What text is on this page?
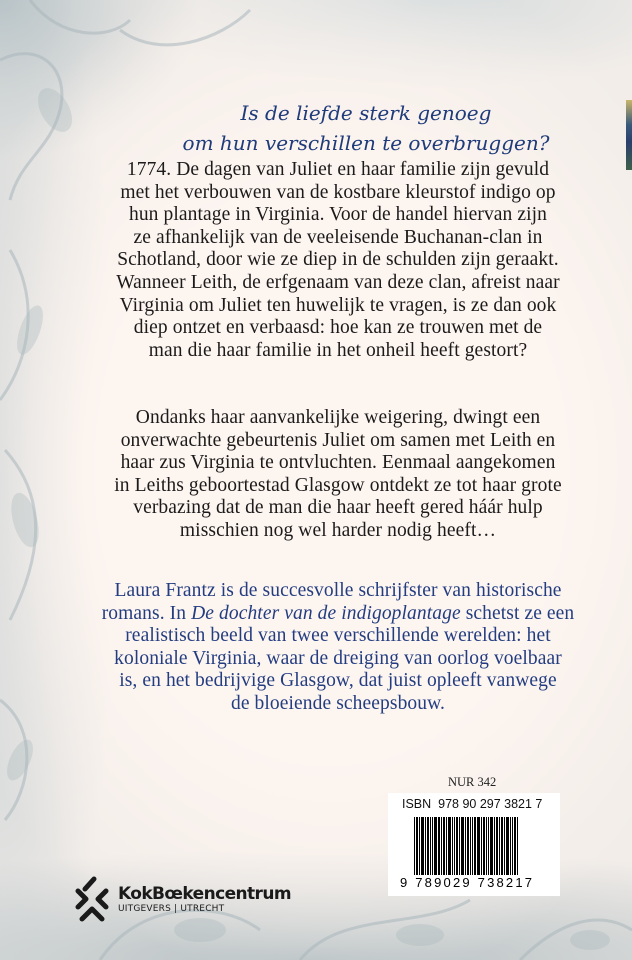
Is de liefde sterk genoeg
om hun verschillen te overbruggen?
1774. De dagen van Juliet en haar familie zijn gevuld
met het verbouwen van de kostbare kleurstof indigo op
hun plantage in Virginia. Voor de handel hiervan zijn
ze afhankelijk van de veeleisende Buchanan-clan in
Schotland, door wie ze diep in de schulden zijn geraakt.
Wanneer Leith, de erfgenaam van deze clan, afreist naar
Virginia om Juliet ten huwelijk te vragen, is ze dan ook
diep ontzet en verbaasd: hoe kan ze trouwen met de
man die haar familie in het onheil heeft gestort?
Ondanks haar aanvankelijke weigering, dwingt een
onverwachte gebeurtenis Juliet om samen met Leith en
haar zus Virginia te ontvluchten. Eenmaal aangekomen
in Leiths geboortestad Glasgow ontdekt ze tot haar grote
verbazing dat de man die haar heeft gered háár hulp
misschien nog wel harder nodig heeft…
Laura Frantz is de succesvolle schrijfster van historische
romans. In De dochter van de indigoplantage schetst ze een
realistisch beeld van twee verschillende werelden: het
koloniale Virginia, waar de dreiging van oorlog voelbaar
is, en het bedrijvige Glasgow, dat juist opleeft vanwege
de bloeiende scheepsbouw.
NUR 342
ISBN  978 90 297 3821 7
9 789029 738217
KokBœkencentrum
UITGEVERS | UTRECHT
